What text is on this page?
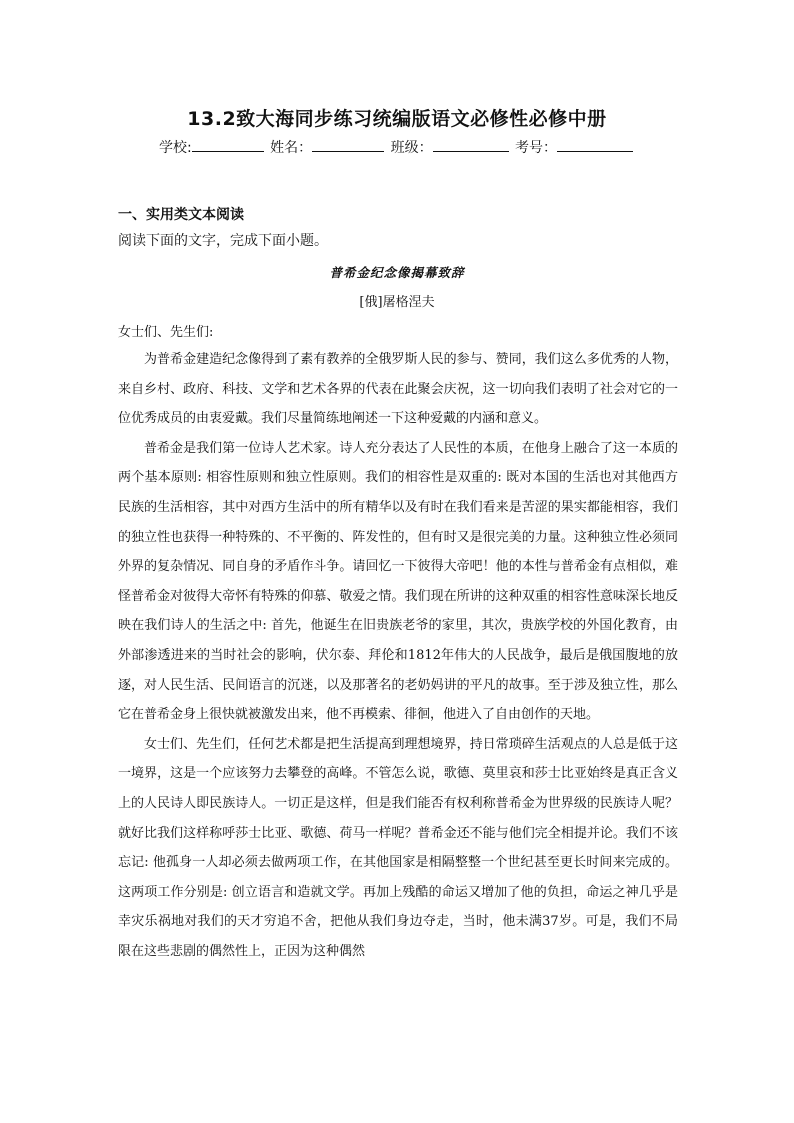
13.2致大海同步练习统编版语文必修性必修中册
学校:	姓名：	班级：	考号：
一、实用类文本阅读
阅读下面的文字，完成下面小题。
普希金纪念像揭幕致辞
[俄]屠格涅夫
女士们、先生们:

为普希金建造纪念像得到了素有教养的全俄罗斯人民的参与、赞同，我们这么多优秀的人物，来自乡村、政府、科技、文学和艺术各界的代表在此聚会庆祝，这一切向我们表明了社会对它的一位优秀成员的由衷爱戴。我们尽量简练地阐述一下这种爱戴的内涵和意义。

普希金是我们第一位诗人艺术家。诗人充分表达了人民性的本质，在他身上融合了这一本质的两个基本原则: 相容性原则和独立性原则。我们的相容性是双重的: 既对本国的生活也对其他西方民族的生活相容，其中对西方生活中的所有精华以及有时在我们看来是苦涩的果实都能相容，我们的独立性也获得一种特殊的、不平衡的、阵发性的，但有时又是很完美的力量。这种独立性必须同外界的复杂情况、同自身的矛盾作斗争。请回忆一下彼得大帝吧！他的本性与普希金有点相似，难怪普希金对彼得大帝怀有特殊的仰慕、敬爱之情。我们现在所讲的这种双重的相容性意味深长地反映在我们诗人的生活之中: 首先，他诞生在旧贵族老爷的家里，其次，贵族学校的外国化教育，由外部渗透进来的当时社会的影响，伏尔泰、拜伦和1812年伟大的人民战争，最后是俄国腹地的放逐，对人民生活、民间语言的沉迷，以及那著名的老奶妈讲的平凡的故事。至于涉及独立性，那么它在普希金身上很快就被激发出来，他不再模索、徘徊，他进入了自由创作的天地。

女士们、先生们，任何艺术都是把生活提高到理想境界，持日常琐碎生活观点的人总是低于这一境界，这是一个应该努力去攀登的高峰。不管怎么说，歌德、莫里哀和莎士比亚始终是真正含义上的人民诗人即民族诗人。一切正是这样，但是我们能否有权利称普希金为世界级的民族诗人呢？就好比我们这样称呼莎士比亚、歌德、荷马一样呢？普希金还不能与他们完全相提并论。我们不该忘记: 他孤身一人却必须去做两项工作，在其他国家是相隔整整一个世纪甚至更长时间来完成的。这两项工作分别是: 创立语言和造就文学。再加上残酷的命运又增加了他的负担，命运之神几乎是幸灾乐祸地对我们的天才穷追不舍，把他从我们身边夺走，当时，他未满37岁。可是，我们不局限在这些悲剧的偶然性上，正因为这种偶然
